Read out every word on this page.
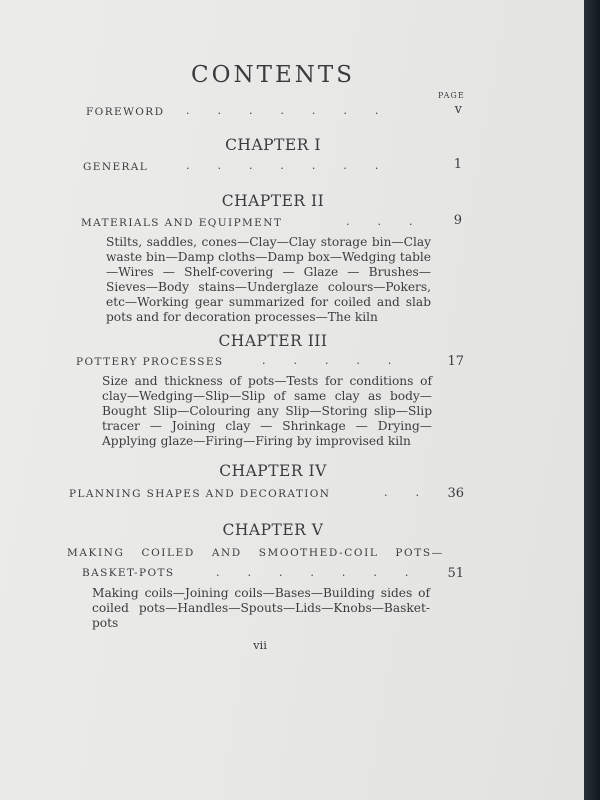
CONTENTS
PAGE
FOREWORD .        .        .        .        .        .        .	v
CHAPTER I
GENERAL	.        .        .        .        .        .        .	1
CHAPTER II
MATERIALS AND EQUIPMENT	.        .        .	9

Stilts, saddles, cones—Clay—Clay storage bin—Clay waste bin—Damp cloths—Damp box—Wedging table—Wires — Shelf-covering — Glaze — Brushes—Sieves—Body stains—Underglaze colours—Pokers, etc—Working gear summarized for coiled and slab pots and for decoration processes—The kiln

CHAPTER III
POTTERY PROCESSES	.        .        .        .        .	17

Size and thickness of pots—Tests for conditions of clay—Wedging—Slip—Slip of same clay as body—Bought Slip—Colouring any Slip—Storing slip—Slip tracer — Joining clay — Shrinkage — Drying—Applying glaze—Firing—Firing by improvised kiln

CHAPTER IV
PLANNING SHAPES AND DECORATION	.        .	36
CHAPTER V
MAKING COILED AND SMOOTHED-COIL POTS—
BASKET-POTS	.        .        .        .        .        .        .	51

Making coils—Joining coils—Bases—Building sides of coiled pots—Handles—Spouts—Lids—Knobs—Basket-pots

vii
